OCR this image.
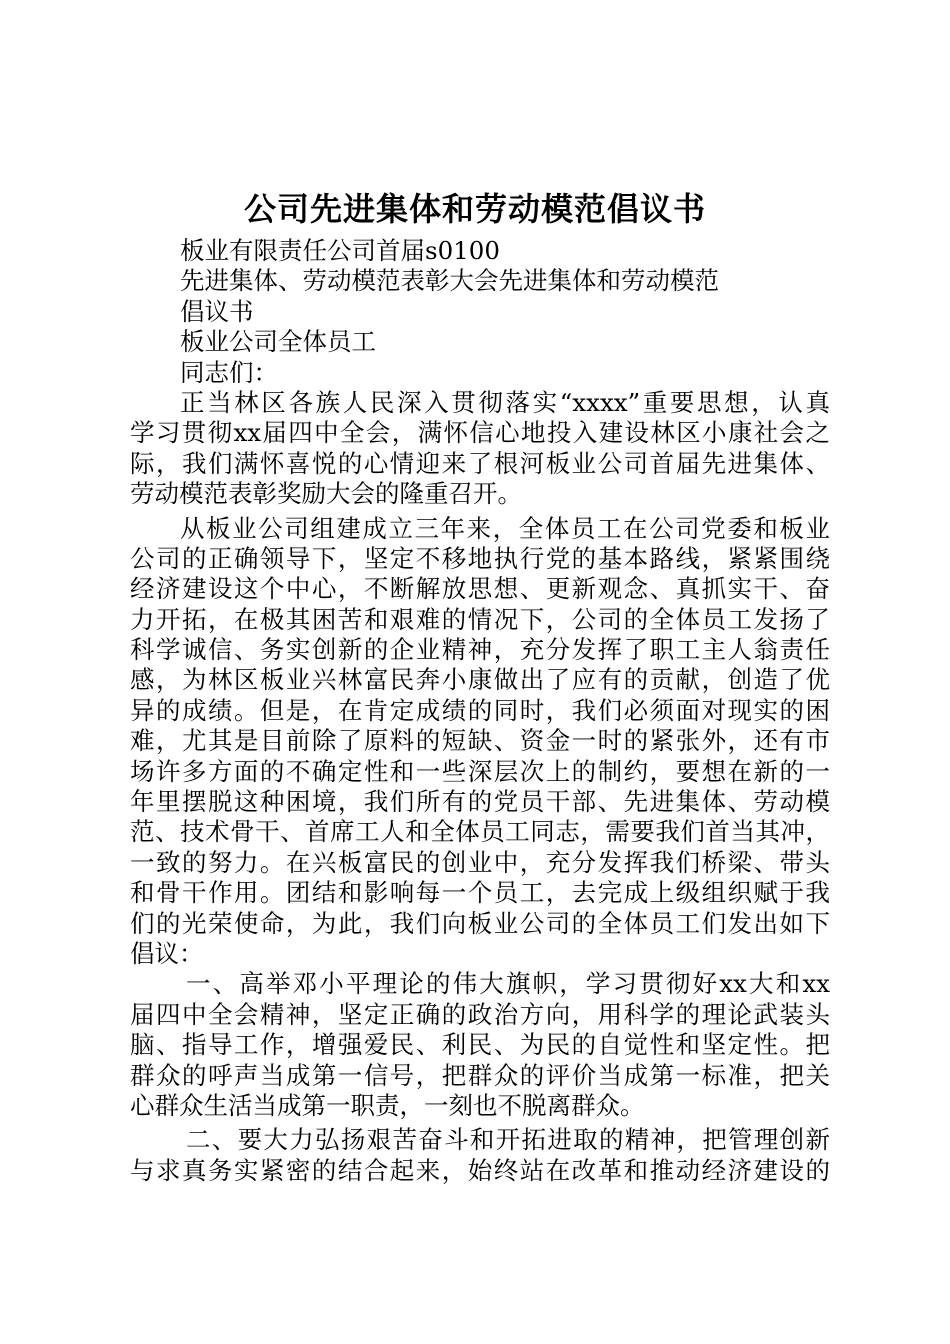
公司先进集体和劳动模范倡议书
板业有限责任公司首届s0100
先进集体、劳动模范表彰大会先进集体和劳动模范
倡议书
板业公司全体员工
同志们：
正当林区各族人民深入贯彻落实“xxxx”重要思想，认真
学习贯彻xx届四中全会，满怀信心地投入建设林区小康社会之
际，我们满怀喜悦的心情迎来了根河板业公司首届先进集体、
劳动模范表彰奖励大会的隆重召开。
从板业公司组建成立三年来，全体员工在公司党委和板业
公司的正确领导下，坚定不移地执行党的基本路线，紧紧围绕
经济建设这个中心，不断解放思想、更新观念、真抓实干、奋
力开拓，在极其困苦和艰难的情况下，公司的全体员工发扬了
科学诚信、务实创新的企业精神，充分发挥了职工主人翁责任
感，为林区板业兴林富民奔小康做出了应有的贡献，创造了优
异的成绩。但是，在肯定成绩的同时，我们必须面对现实的困
难，尤其是目前除了原料的短缺、资金一时的紧张外，还有市
场许多方面的不确定性和一些深层次上的制约，要想在新的一
年里摆脱这种困境，我们所有的党员干部、先进集体、劳动模
范、技术骨干、首席工人和全体员工同志，需要我们首当其冲，
一致的努力。在兴板富民的创业中，充分发挥我们桥梁、带头
和骨干作用。团结和影响每一个员工，去完成上级组织赋于我
们的光荣使命，为此，我们向板业公司的全体员工们发出如下
倡议：
一、高举邓小平理论的伟大旗帜，学习贯彻好xx大和xx
届四中全会精神，坚定正确的政治方向，用科学的理论武装头
脑、指导工作，增强爱民、利民、为民的自觉性和坚定性。把
群众的呼声当成第一信号，把群众的评价当成第一标准，把关
心群众生活当成第一职责，一刻也不脱离群众。
二、要大力弘扬艰苦奋斗和开拓进取的精神，把管理创新
与求真务实紧密的结合起来，始终站在改革和推动经济建设的
